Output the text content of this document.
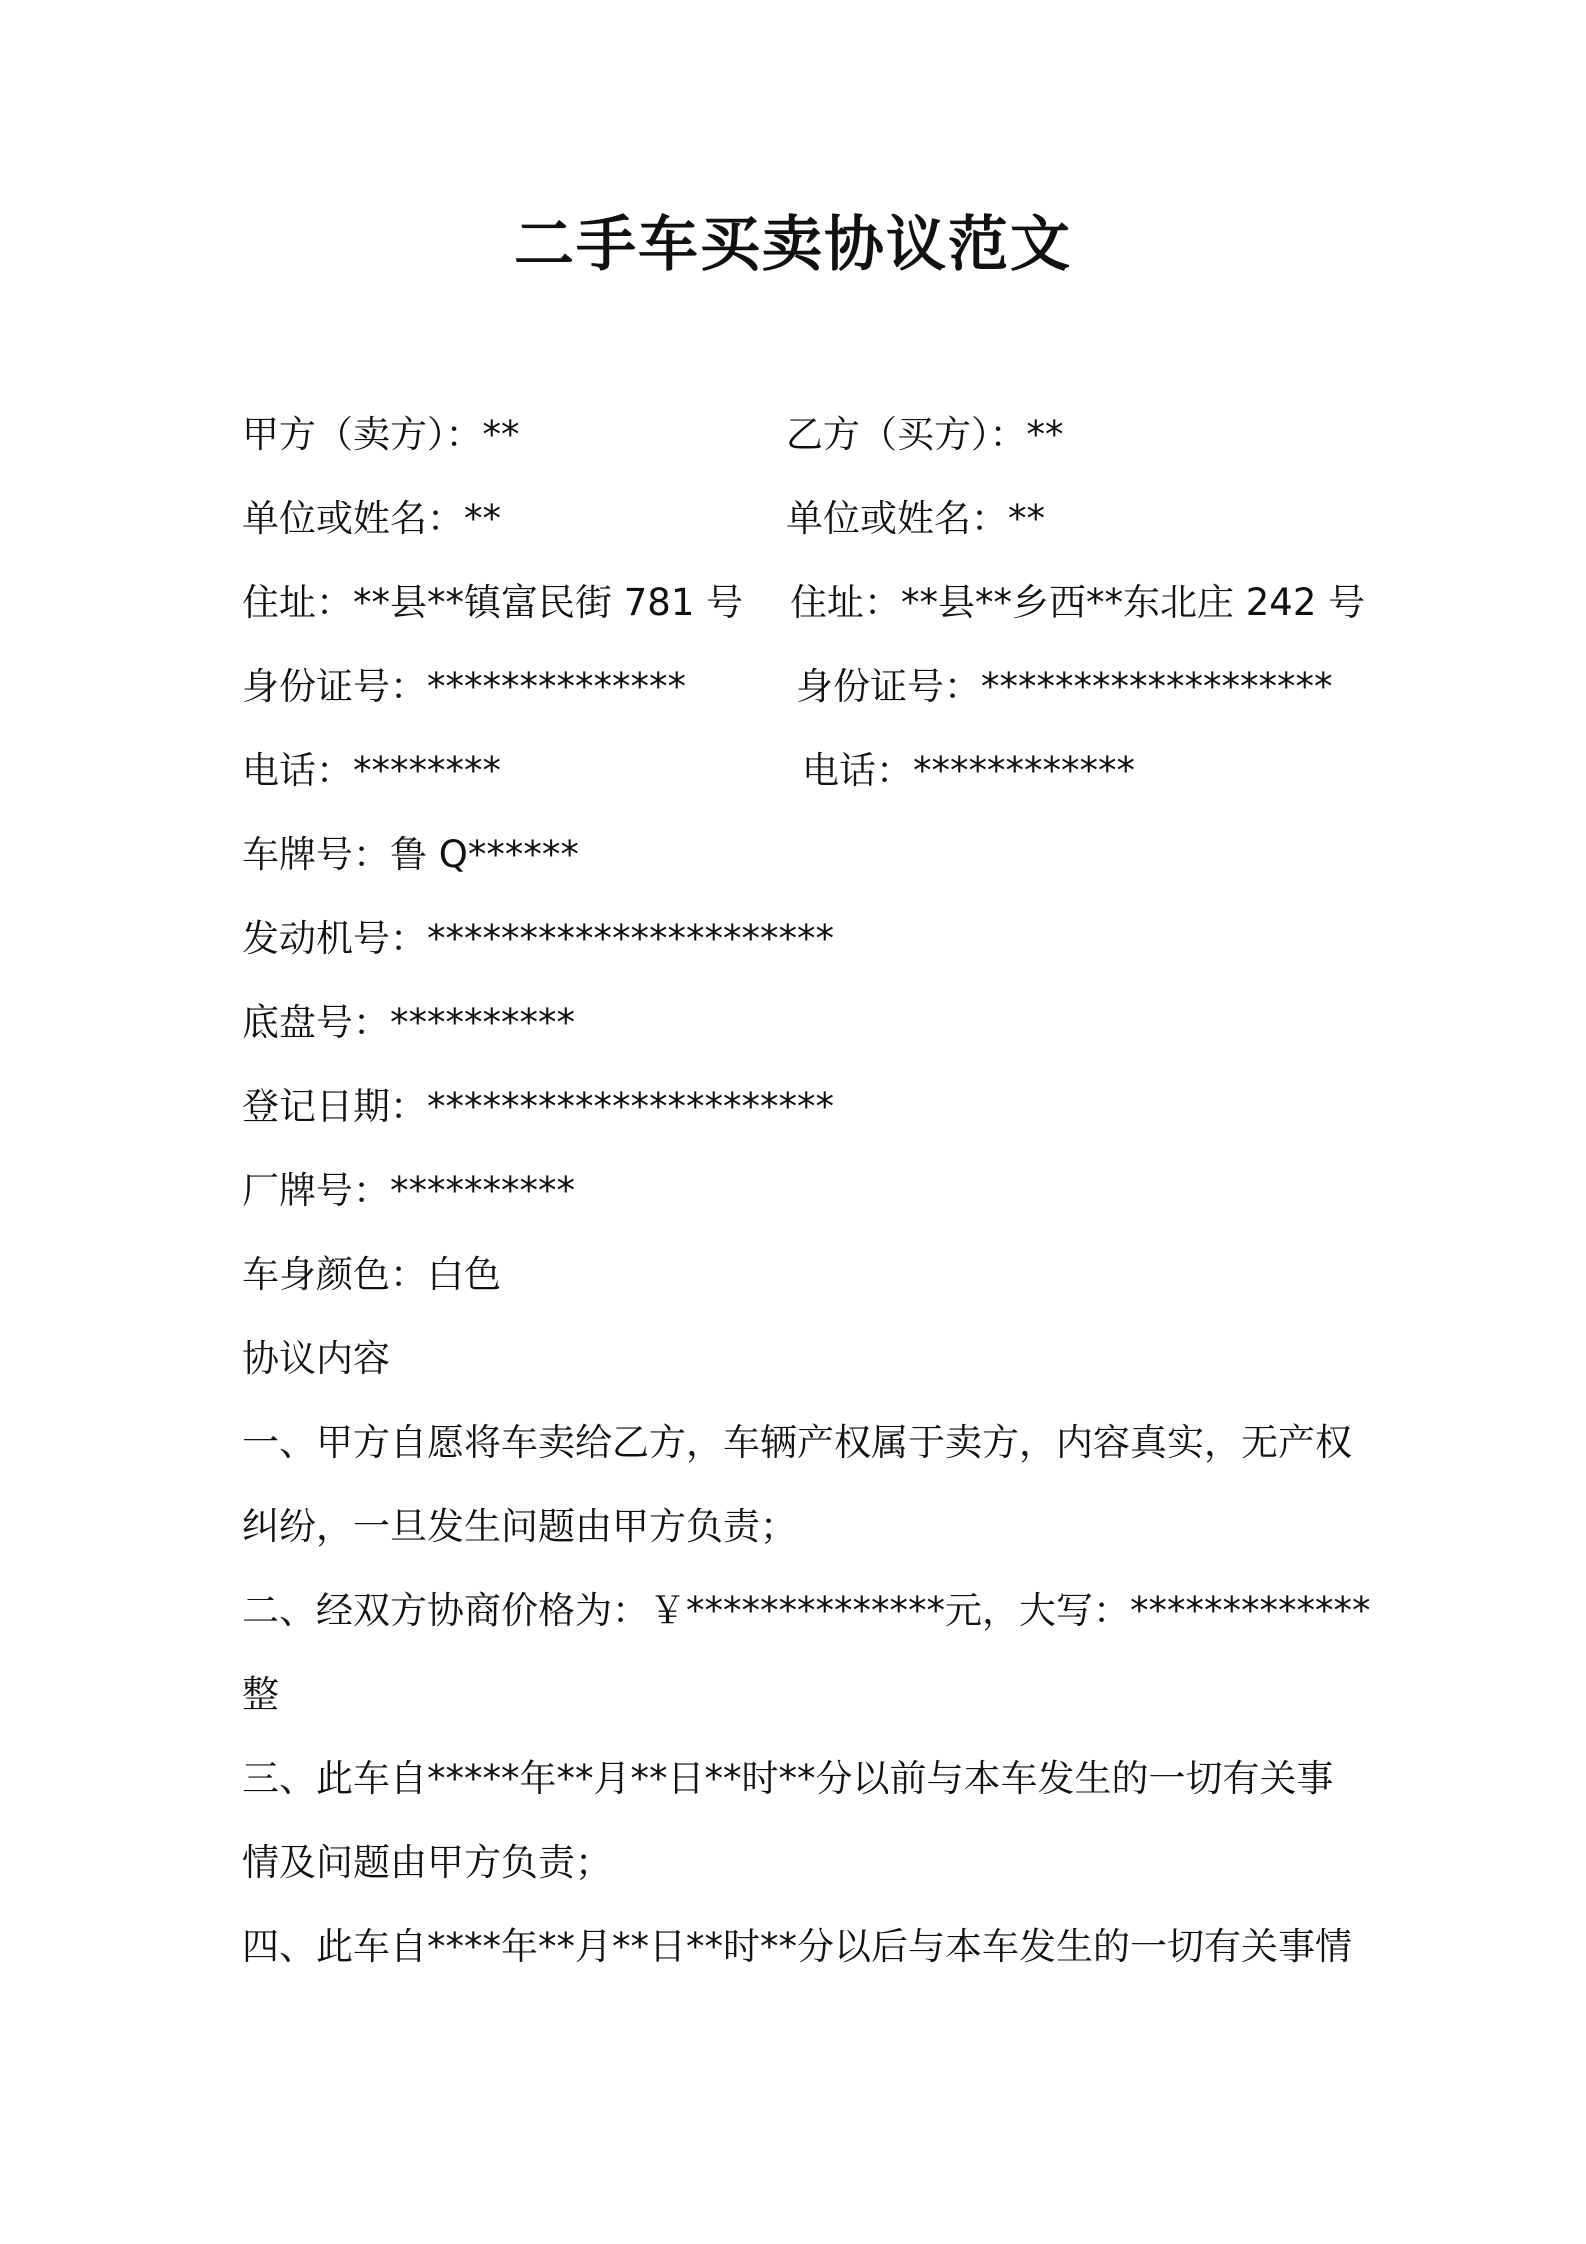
二手车买卖协议范文
甲方（卖方）：**	乙方（买方）：**
单位或姓名：**	单位或姓名：**
住址：**县**镇富民街 781 号 住址：**县**乡西**东北庄 242 号
身份证号：**************	身份证号：*******************
电话：********	电话：************
车牌号：鲁 Q******
发动机号：**********************
底盘号：**********
登记日期：**********************
厂牌号：**********
车身颜色：白色
协议内容
一、甲方自愿将车卖给乙方，车辆产权属于卖方，内容真实，无产权
纠纷，一旦发生问题由甲方负责；
二、经双方协商价格为：￥**************元，大写：*************
整
三、此车自*****年**月**日**时**分以前与本车发生的一切有关事
情及问题由甲方负责；
四、此车自****年**月**日**时**分以后与本车发生的一切有关事情
